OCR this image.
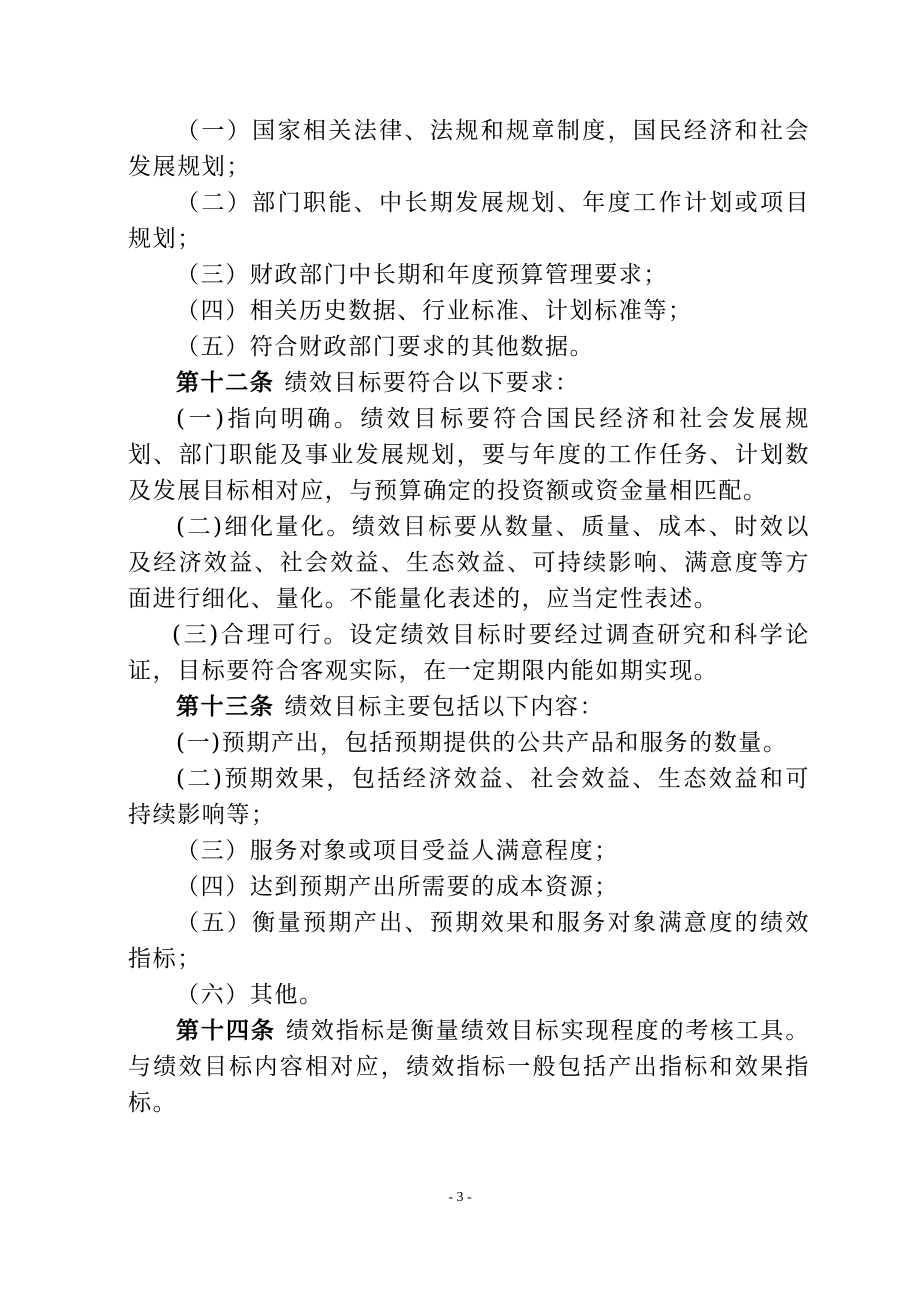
（一）国家相关法律、法规和规章制度，国民经济和社会发展规划；

（二）部门职能、中长期发展规划、年度工作计划或项目规划；

（三）财政部门中长期和年度预算管理要求；

（四）相关历史数据、行业标准、计划标准等；

（五）符合财政部门要求的其他数据。

第十二条 绩效目标要符合以下要求：

(一)指向明确。绩效目标要符合国民经济和社会发展规划、部门职能及事业发展规划，要与年度的工作任务、计划数及发展目标相对应，与预算确定的投资额或资金量相匹配。

(二)细化量化。绩效目标要从数量、质量、成本、时效以及经济效益、社会效益、生态效益、可持续影响、满意度等方面进行细化、量化。不能量化表述的，应当定性表述。

(三)合理可行。设定绩效目标时要经过调查研究和科学论证，目标要符合客观实际，在一定期限内能如期实现。

第十三条 绩效目标主要包括以下内容：

(一)预期产出，包括预期提供的公共产品和服务的数量。

(二)预期效果，包括经济效益、社会效益、生态效益和可持续影响等；

（三）服务对象或项目受益人满意程度；

（四）达到预期产出所需要的成本资源；

（五）衡量预期产出、预期效果和服务对象满意度的绩效指标；

（六）其他。

第十四条 绩效指标是衡量绩效目标实现程度的考核工具。与绩效目标内容相对应，绩效指标一般包括产出指标和效果指标。

- 3 -
